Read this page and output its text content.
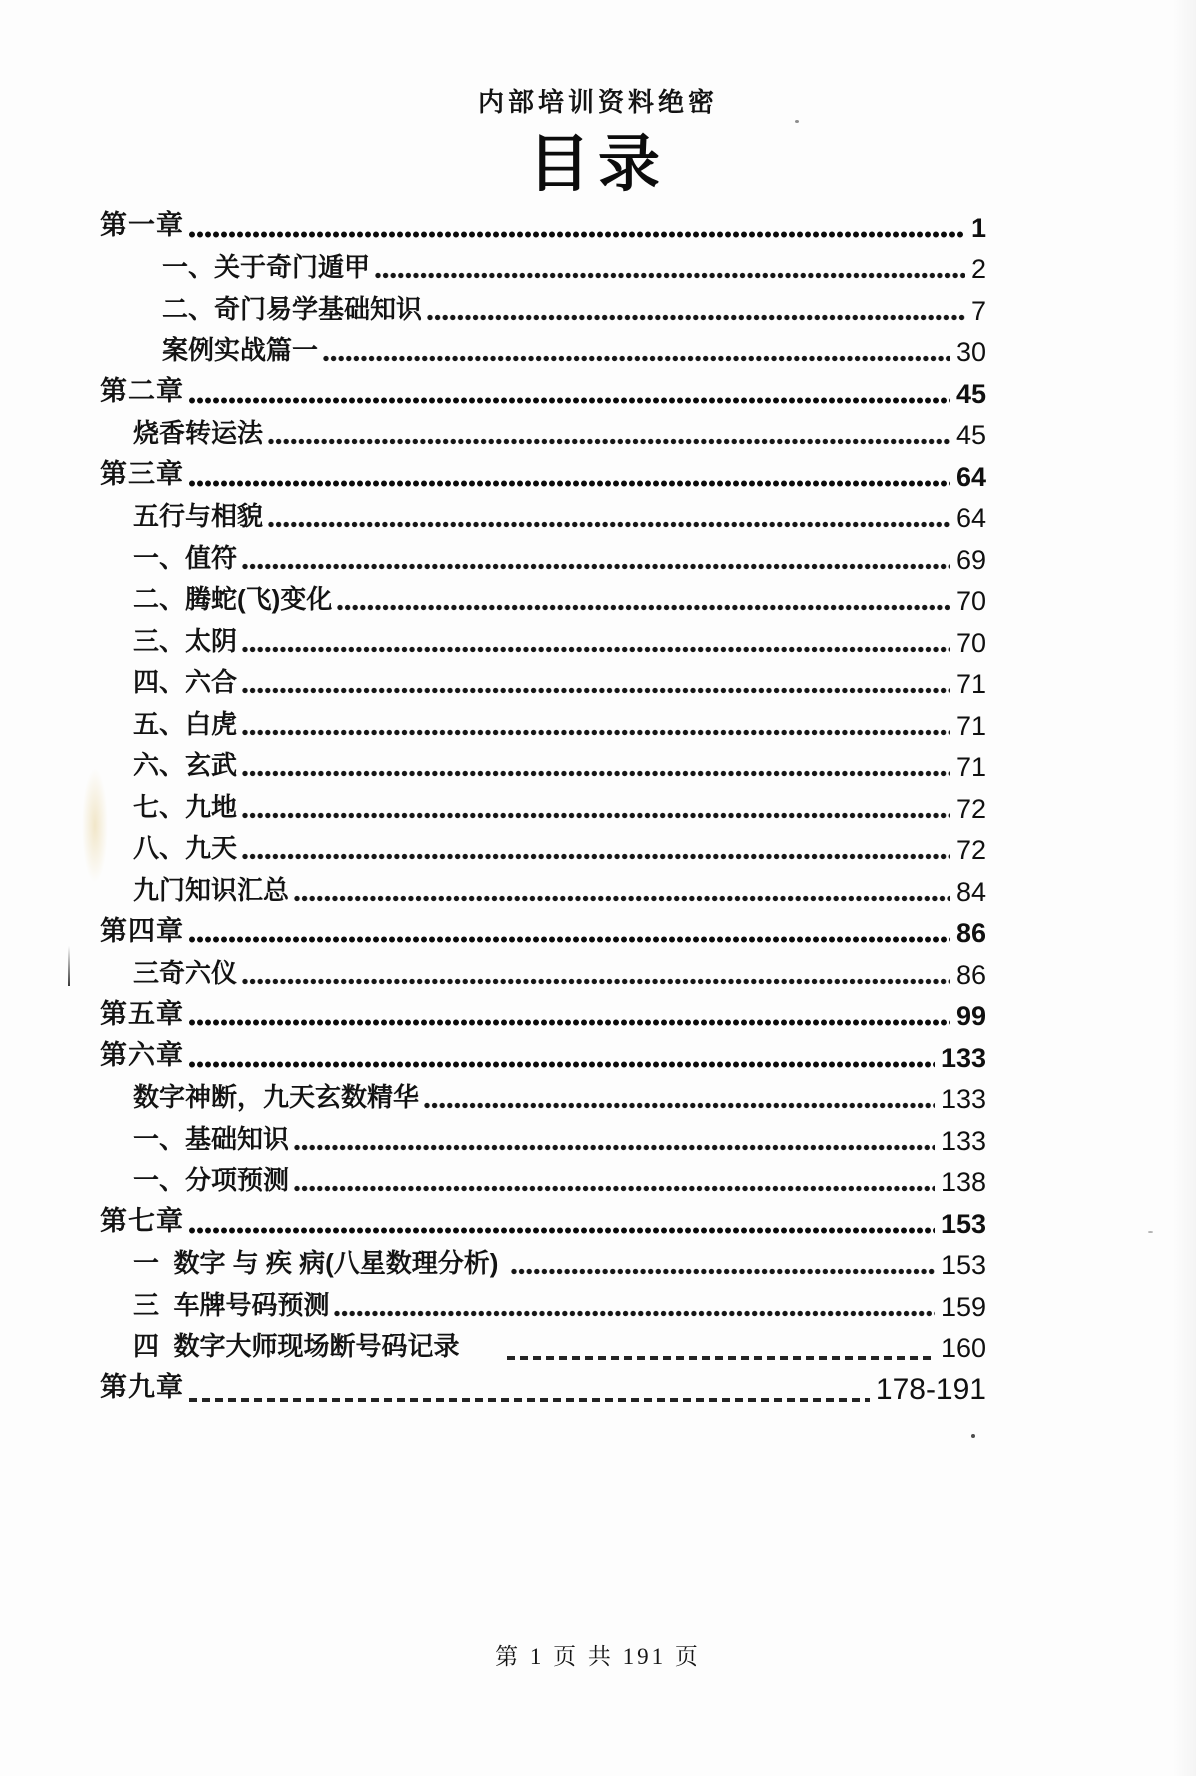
内部培训资料绝密
目录
第一章	1
一、关于奇门遁甲	2
二、奇门易学基础知识	7
案例实战篇一	30
第二章	45
烧香转运法	45
第三章	64
五行与相貌	64
一、值符	69
二、腾蛇(飞)变化	70
三、太阴	70
四、六合	71
五、白虎	71
六、玄武	71
七、九地	72
八、九天	72
九门知识汇总	84
第四章	86
三奇六仪	86
第五章	99
第六章	133
数字神断，九天玄数精华	133
一、基础知识	133
一、分项预测	138
第七章	153
一  数字 与 疾 病(八星数理分析)	153
三  车牌号码预测	159
四  数字大师现场断号码记录	160
第九章	178-191
第 1 页 共 191 页
